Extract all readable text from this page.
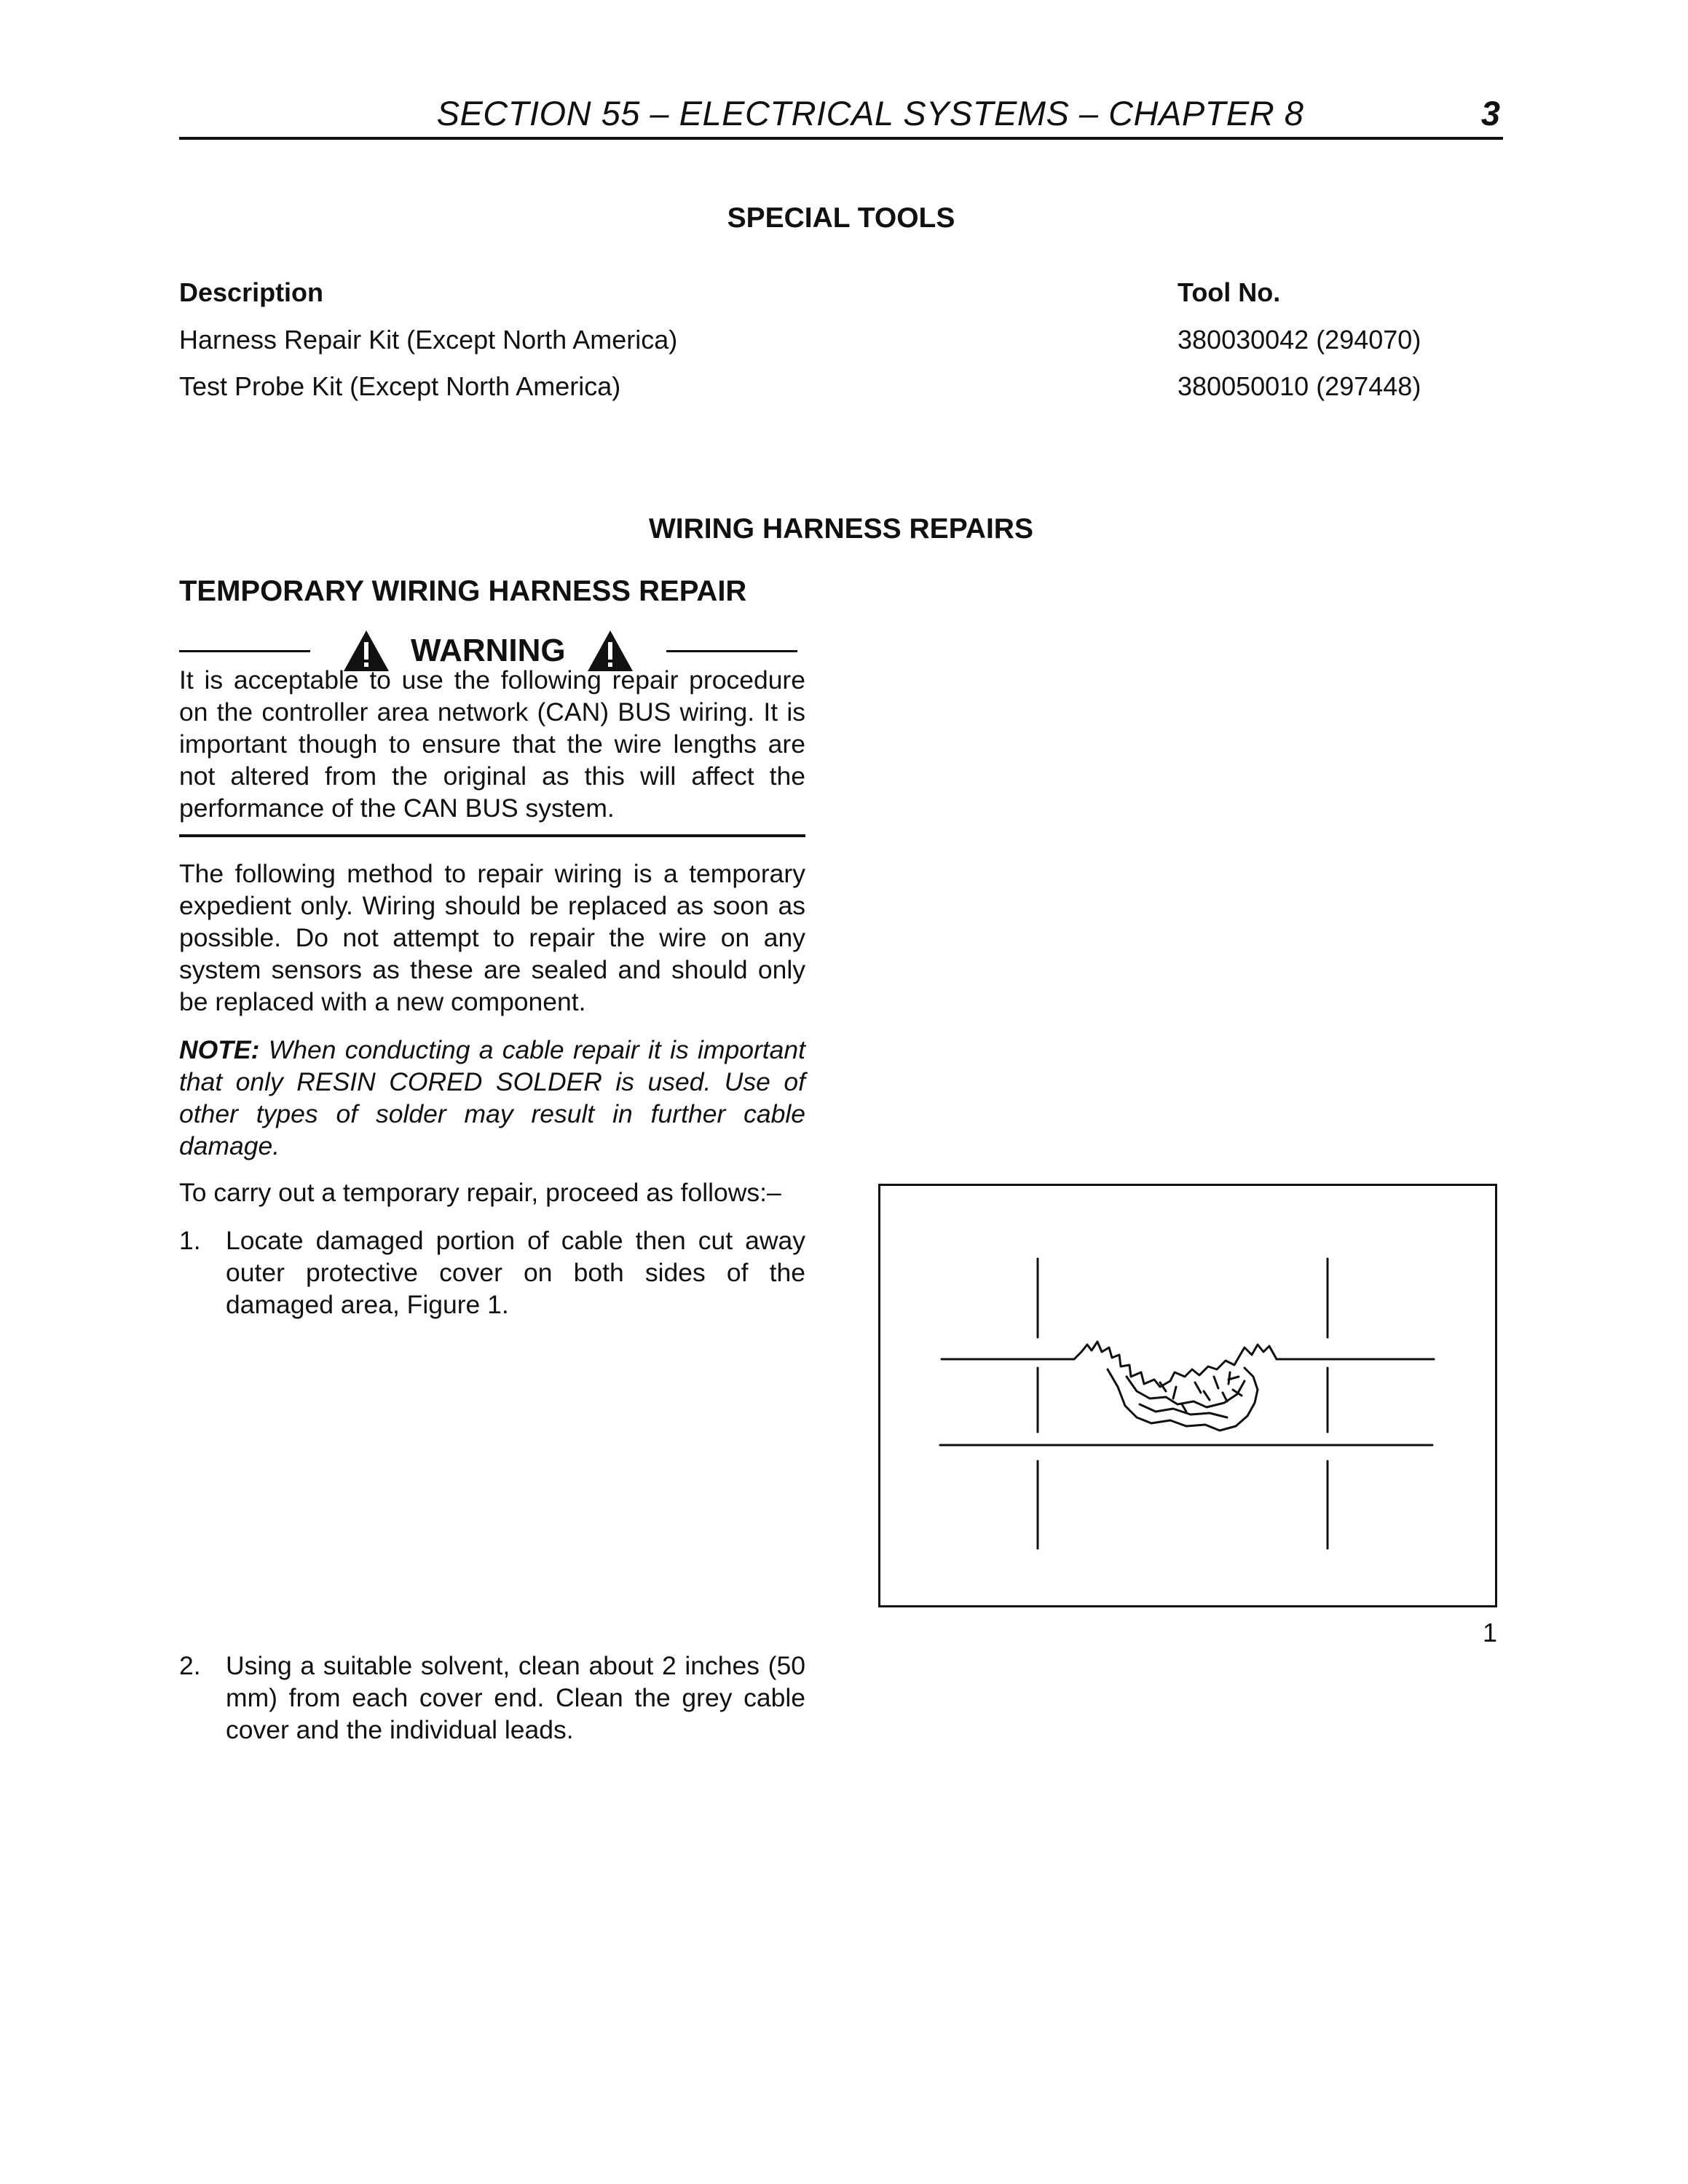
SECTION 55 – ELECTRICAL SYSTEMS – CHAPTER 8	3
SPECIAL TOOLS
Description	Tool No.
Harness Repair Kit (Except North America)	380030042 (294070)
Test Probe Kit (Except North America)	380050010 (297448)
WIRING HARNESS REPAIRS
TEMPORARY WIRING HARNESS REPAIR
WARNING
It is acceptable to use the following repair procedure on the controller area network (CAN) BUS wiring. It is important though to ensure that the wire lengths are not altered from the original as this will affect the performance of the CAN BUS system.
The following method to repair wiring is a temporary expedient only. Wiring should be replaced as soon as possible. Do not attempt to repair the wire on any system sensors as these are sealed and should only be replaced with a new component.
NOTE: When conducting a cable repair it is important that only RESIN CORED SOLDER is used. Use of other types of solder may result in further cable damage.
To carry out a temporary repair, proceed as follows:–
1. Locate damaged portion of cable then cut away outer protective cover on both sides of the damaged area, Figure 1.
2. Using a suitable solvent, clean about 2 inches (50 mm) from each cover end. Clean the grey cable cover and the individual leads.
1
